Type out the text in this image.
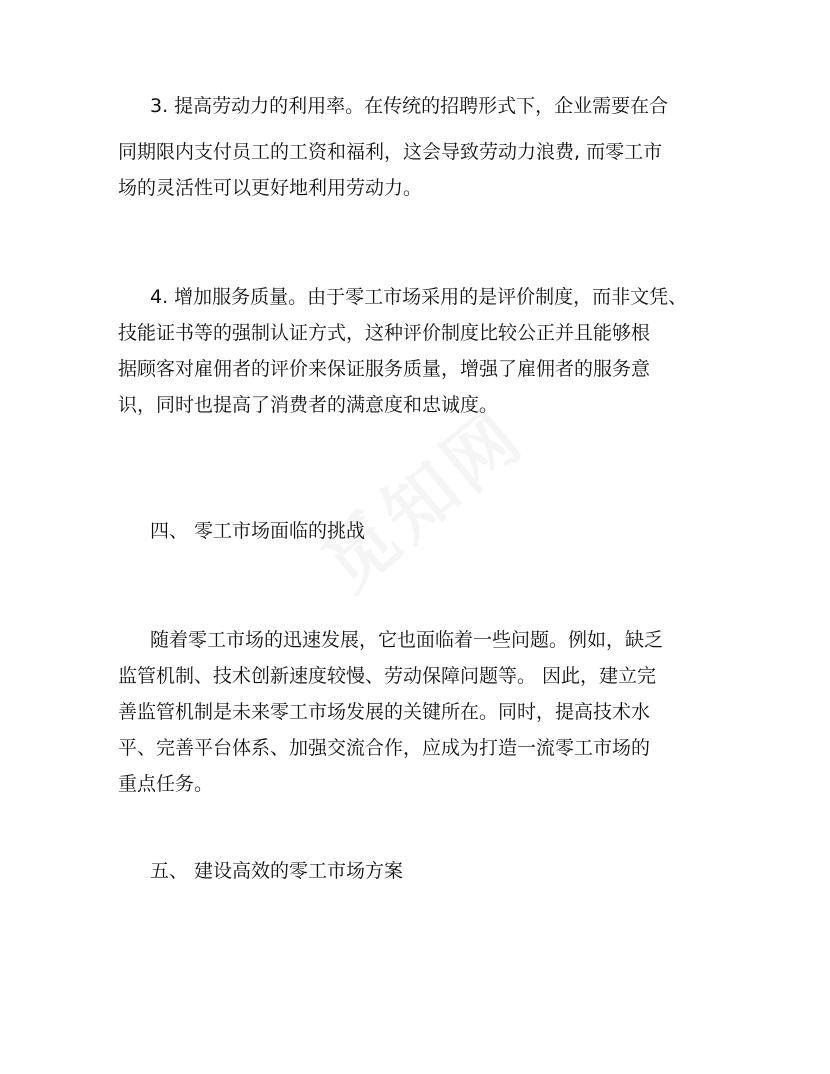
3. 提高劳动力的利用率。在传统的招聘形式下，企业需要在合
同期限内支付员工的工资和福利，这会导致劳动力浪费, 而零工市
场的灵活性可以更好地利用劳动力。
4. 增加服务质量。由于零工市场采用的是评价制度，而非文凭、
技能证书等的强制认证方式，这种评价制度比较公正并且能够根
据顾客对雇佣者的评价来保证服务质量，增强了雇佣者的服务意
识，同时也提高了消费者的满意度和忠诚度。
四、 零工市场面临的挑战
随着零工市场的迅速发展，它也面临着一些问题。例如，缺乏
监管机制、技术创新速度较慢、劳动保障问题等。 因此，建立完
善监管机制是未来零工市场发展的关键所在。同时，提高技术水
平、完善平台体系、加强交流合作，应成为打造一流零工市场的
重点任务。
五、 建设高效的零工市场方案
